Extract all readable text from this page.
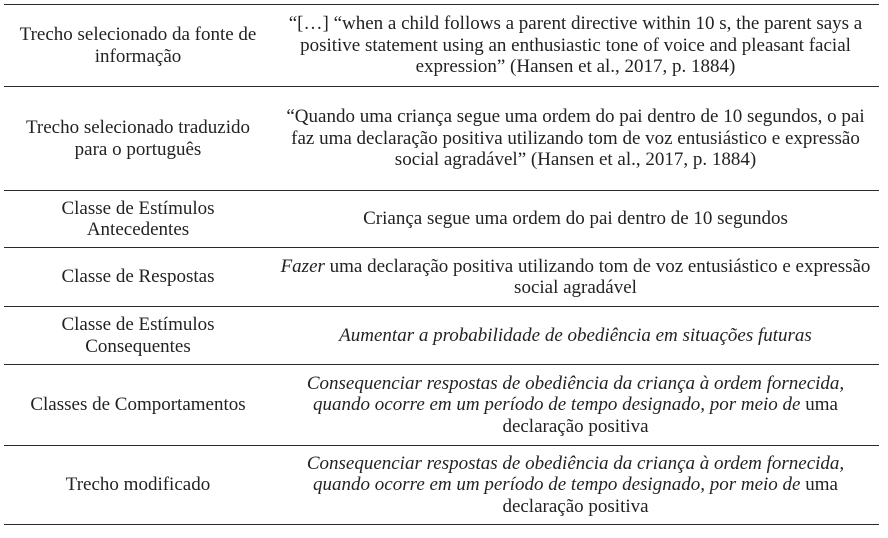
Trecho selecionado da fonte de informação	“[…] “when a child follows a parent directive within 10 s, the parent says a positive statement using an enthusiastic tone of voice and pleasant facial expression” (Hansen et al., 2017, p. 1884)
Trecho selecionado traduzido para o português	“Quando uma criança segue uma ordem do pai dentro de 10 segundos, o pai faz uma declaração positiva utilizando tom de voz entusiástico e expressão social agradável” (Hansen et al., 2017, p. 1884)
Classe de Estímulos Antecedentes	Criança segue uma ordem do pai dentro de 10 segundos
Classe de Respostas	Fazer uma declaração positiva utilizando tom de voz entusiástico e expressão social agradável
Classe de Estímulos Consequentes	Aumentar a probabilidade de obediência em situações futuras
Classes de Comportamentos	Consequenciar respostas de obediência da criança à ordem fornecida, quando ocorre em um período de tempo designado, por meio de uma declaração positiva
Trecho modificado	Consequenciar respostas de obediência da criança à ordem fornecida, quando ocorre em um período de tempo designado, por meio de uma declaração positiva
